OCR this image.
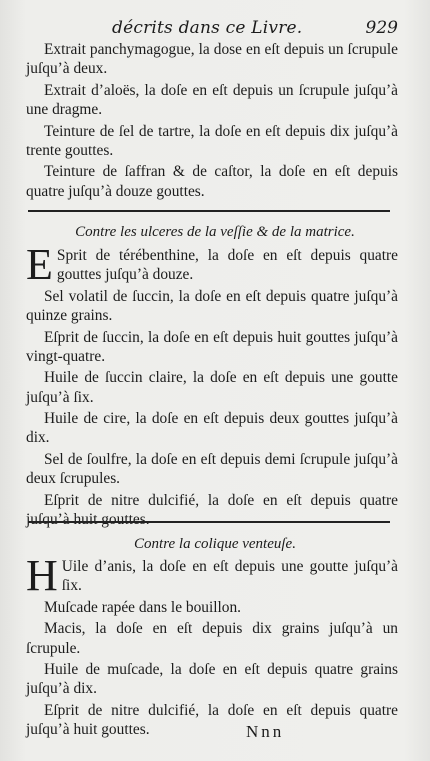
décrits dans ce Livre.	929

Extrait panchymagogue, la dose en eſt depuis un ſcrupule juſqu’à deux.

Extrait d’aloës, la doſe en eſt depuis un ſcrupule juſqu’à une dragme.

Teinture de ſel de tartre, la doſe en eſt depuis dix juſqu’à trente gouttes.

Teinture de ſaffran & de caſtor, la doſe en eſt depuis quatre juſqu’à douze gouttes.

Contre les ulceres de la veſſie & de la matrice.

E Sprit de térébenthine, la doſe en eſt depuis quatre gouttes juſqu’à douze.

Sel volatil de ſuccin, la doſe en eſt depuis quatre juſqu’à quinze grains.

Eſprit de ſuccin, la doſe en eſt depuis huit gouttes juſqu’à vingt-quatre.

Huile de ſuccin claire, la doſe en eſt depuis une goutte juſqu’à ſix.

Huile de cire, la doſe en eſt depuis deux gouttes juſqu’à dix.

Sel de ſoulfre, la doſe en eſt depuis demi ſcrupule juſqu’à deux ſcrupules.

Eſprit de nitre dulcifié, la doſe en eſt depuis quatre juſqu’à huit gouttes.

Contre la colique venteuſe.

H Uile d’anis, la doſe en eſt depuis une goutte juſqu’à ſix.

Muſcade rapée dans le bouillon.

Macis, la doſe en eſt depuis dix grains juſqu’à un ſcrupule.

Huile de muſcade, la doſe en eſt depuis quatre grains juſqu’à dix.

Eſprit de nitre dulcifié, la doſe en eſt depuis quatre juſqu’à huit gouttes.	Nnn
